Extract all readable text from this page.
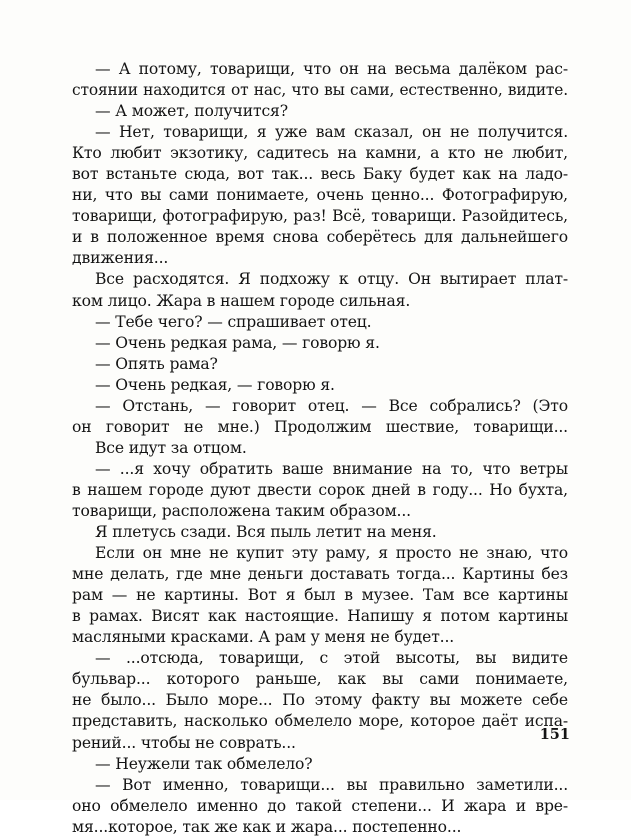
— А потому, товарищи, что он на весьма далёком рас-
стоянии находится от нас, что вы сами, естественно, видите.
— А может, получится?
— Нет, товарищи, я уже вам сказал, он не получится.
Кто любит экзотику, садитесь на камни, а кто не любит,
вот встаньте сюда, вот так... весь Баку будет как на ладо-
ни, что вы сами понимаете, очень ценно... Фотографирую,
товарищи, фотографирую, раз! Всё, товарищи. Разойдитесь,
и в положенное время снова соберётесь для дальнейшего
движения...
Все расходятся. Я подхожу к отцу. Он вытирает плат-
ком лицо. Жара в нашем городе сильная.
— Тебе чего? — спрашивает отец.
— Очень редкая рама, — говорю я.
— Опять рама?
— Очень редкая, — говорю я.
— Отстань, — говорит отец. — Все собрались? (Это
он говорит не мне.) Продолжим шествие, товарищи...
Все идут за отцом.
— ...я хочу обратить ваше внимание на то, что ветры
в нашем городе дуют двести сорок дней в году... Но бухта,
товарищи, расположена таким образом...
Я плетусь сзади. Вся пыль летит на меня.
Если он мне не купит эту раму, я просто не знаю, что
мне делать, где мне деньги доставать тогда... Картины без
рам — не картины. Вот я был в музее. Там все картины
в рамах. Висят как настоящие. Напишу я потом картины
масляными красками. А рам у меня не будет...
— ...отсюда, товарищи, с этой высоты, вы видите
бульвар... которого раньше, как вы сами понимаете,
не было... Было море... По этому факту вы можете себе
представить, насколько обмелело море, которое даёт испа-
рений... чтобы не соврать...
— Неужели так обмелело?
— Вот именно, товарищи... вы правильно заметили...
оно обмелело именно до такой степени... И жара и вре-
мя...которое, так же как и жара... постепенно...
151
